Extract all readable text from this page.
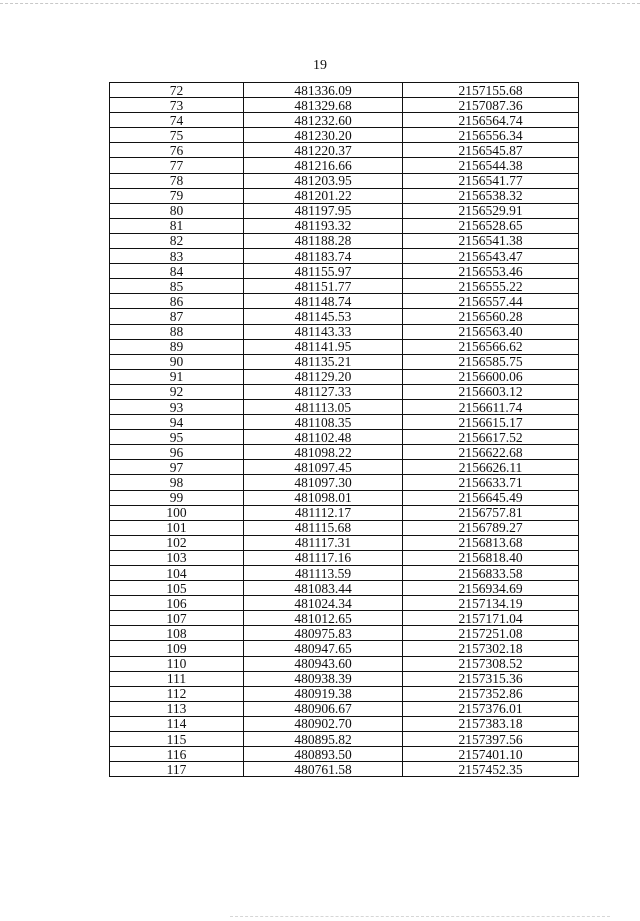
19
72	481336.09	2157155.68
73	481329.68	2157087.36
74	481232.60	2156564.74
75	481230.20	2156556.34
76	481220.37	2156545.87
77	481216.66	2156544.38
78	481203.95	2156541.77
79	481201.22	2156538.32
80	481197.95	2156529.91
81	481193.32	2156528.65
82	481188.28	2156541.38
83	481183.74	2156543.47
84	481155.97	2156553.46
85	481151.77	2156555.22
86	481148.74	2156557.44
87	481145.53	2156560.28
88	481143.33	2156563.40
89	481141.95	2156566.62
90	481135.21	2156585.75
91	481129.20	2156600.06
92	481127.33	2156603.12
93	481113.05	2156611.74
94	481108.35	2156615.17
95	481102.48	2156617.52
96	481098.22	2156622.68
97	481097.45	2156626.11
98	481097.30	2156633.71
99	481098.01	2156645.49
100	481112.17	2156757.81
101	481115.68	2156789.27
102	481117.31	2156813.68
103	481117.16	2156818.40
104	481113.59	2156833.58
105	481083.44	2156934.69
106	481024.34	2157134.19
107	481012.65	2157171.04
108	480975.83	2157251.08
109	480947.65	2157302.18
110	480943.60	2157308.52
111	480938.39	2157315.36
112	480919.38	2157352.86
113	480906.67	2157376.01
114	480902.70	2157383.18
115	480895.82	2157397.56
116	480893.50	2157401.10
117	480761.58	2157452.35
